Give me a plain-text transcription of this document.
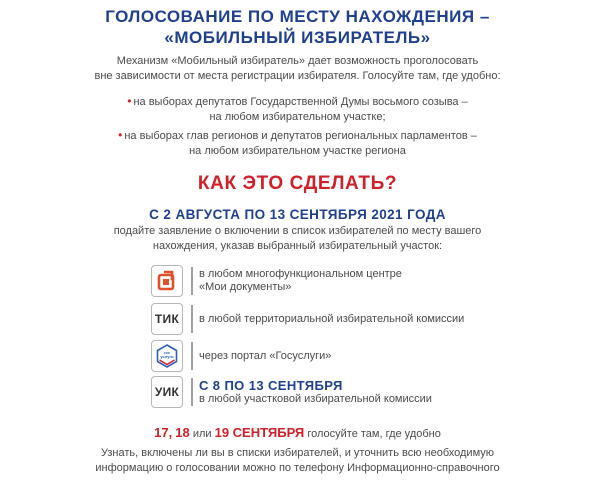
ГОЛОСОВАНИЕ ПО МЕСТУ НАХОЖДЕНИЯ –
«МОБИЛЬНЫЙ ИЗБИРАТЕЛЬ»
Механизм «Мобильный избиратель» дает возможность проголосовать
вне зависимости от места регистрации избирателя. Голосуйте там, где удобно:
• на выборах депутатов Государственной Думы восьмого созыва –
на любом избирательном участке;
• на выборах глав регионов и депутатов региональных парламентов –
на любом избирательном участке региона
КАК ЭТО СДЕЛАТЬ?
С 2 АВГУСТА ПО 13 СЕНТЯБРЯ 2021 ГОДА
подайте заявление о включении в список избирателей по месту вашего
нахождения, указав выбранный избирательный участок:
в любом многофункциональном центре
«Мои документы»
ТИК в любой территориальной избирательной комиссии
гос услуги	через портал «Госуслуги»
УИК С 8 ПО 13 СЕНТЯБРЯ
в любой участковой избирательной комиссии
17, 18 или 19 СЕНТЯБРЯ голосуйте там, где удобно
Узнать, включены ли вы в списки избирателей, и уточнить всю необходимую
информацию о голосовании можно по телефону Информационно-справочного
